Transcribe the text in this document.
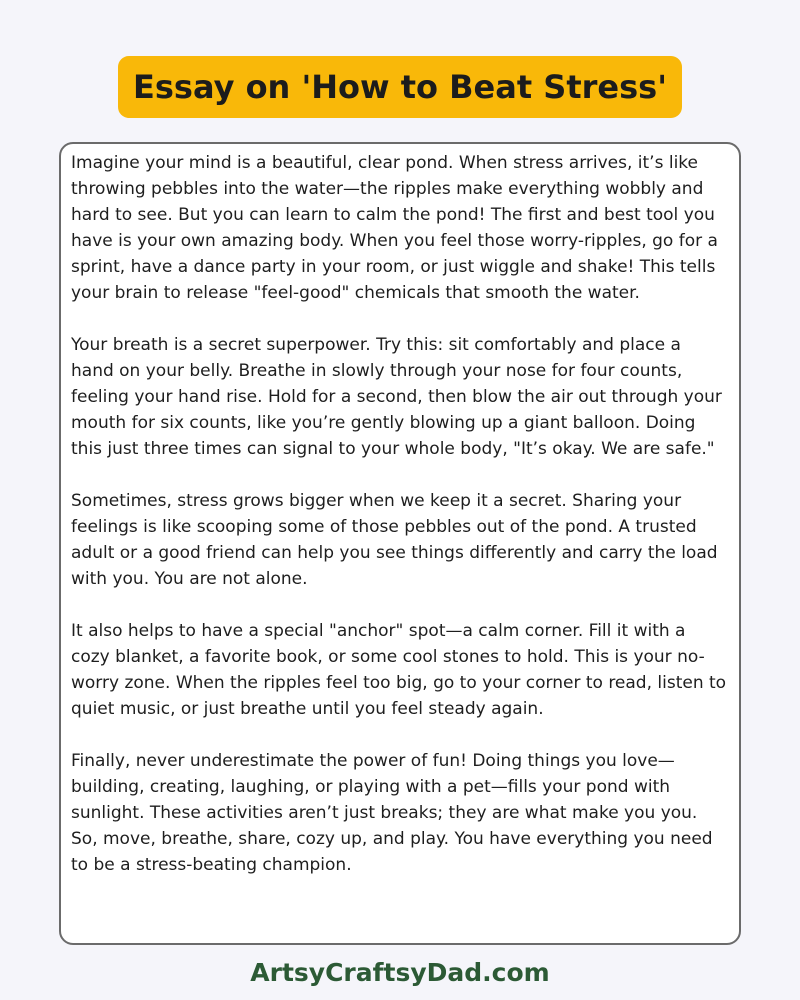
Essay on 'How to Beat Stress'

Imagine your mind is a beautiful, clear pond. When stress arrives, it’s like throwing pebbles into the water—the ripples make everything wobbly and hard to see. But you can learn to calm the pond! The first and best tool you have is your own amazing body. When you feel those worry-ripples, go for a sprint, have a dance party in your room, or just wiggle and shake! This tells your brain to release "feel-good" chemicals that smooth the water.

Your breath is a secret superpower. Try this: sit comfortably and place a hand on your belly. Breathe in slowly through your nose for four counts, feeling your hand rise. Hold for a second, then blow the air out through your mouth for six counts, like you’re gently blowing up a giant balloon. Doing this just three times can signal to your whole body, "It’s okay. We are safe."

Sometimes, stress grows bigger when we keep it a secret. Sharing your feelings is like scooping some of those pebbles out of the pond. A trusted adult or a good friend can help you see things differently and carry the load with you. You are not alone.

It also helps to have a special "anchor" spot—a calm corner. Fill it with a cozy blanket, a favorite book, or some cool stones to hold. This is your no-worry zone. When the ripples feel too big, go to your corner to read, listen to quiet music, or just breathe until you feel steady again.

Finally, never underestimate the power of fun! Doing things you love—building, creating, laughing, or playing with a pet—fills your pond with sunlight. These activities aren’t just breaks; they are what make you you. So, move, breathe, share, cozy up, and play. You have everything you need to be a stress-beating champion.

ArtsyCraftsyDad.com
